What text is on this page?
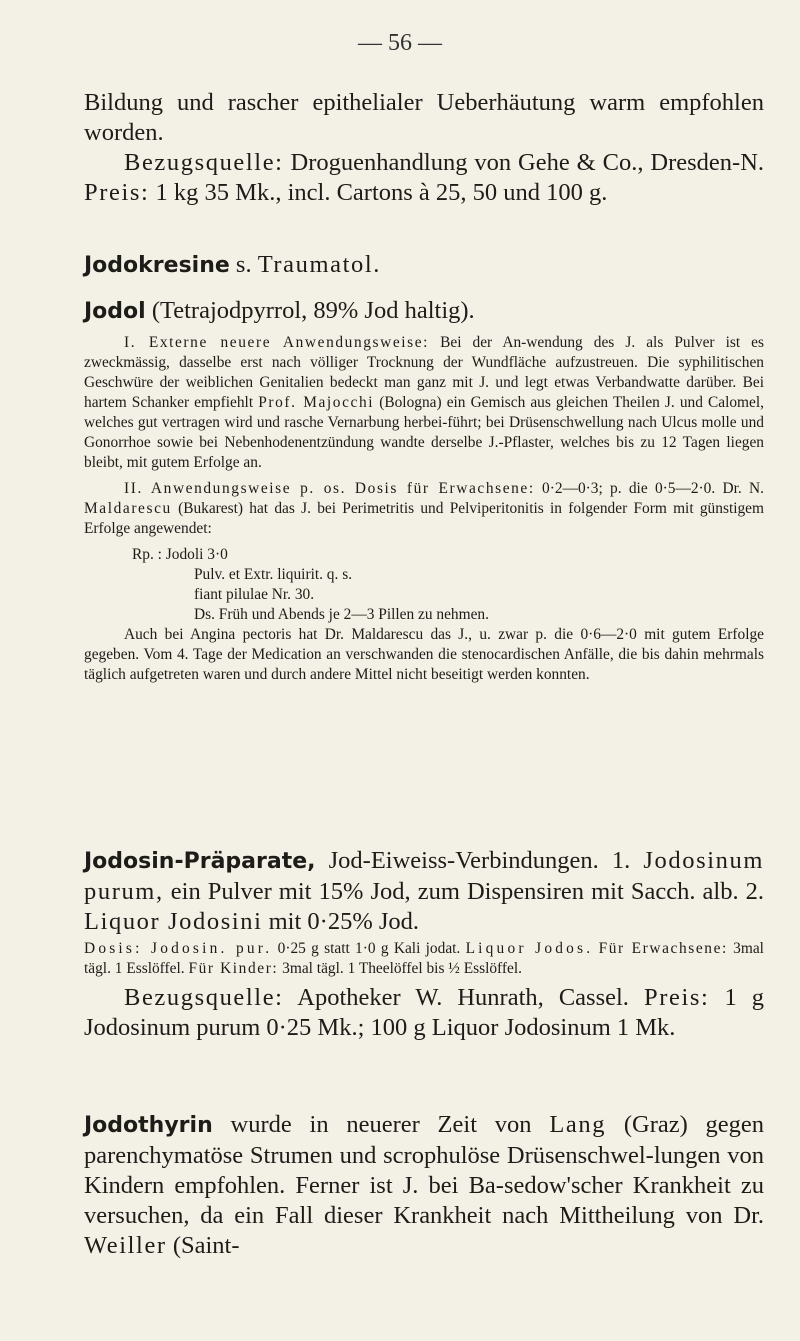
— 56 —

Bildung und rascher epithelialer Ueberhäutung warm empfohlen worden.

Bezugsquelle: Droguenhandlung von Gehe & Co., Dresden-N. Preis: 1 kg 35 Mk., incl. Cartons à 25, 50 und 100 g.

Jodokresine s. Traumatol.

Jodol (Tetrajodpyrrol, 89% Jod haltig).

I. Externe neuere Anwendungsweise: Bei der An-wendung des J. als Pulver ist es zweckmässig, dasselbe erst nach völliger Trocknung der Wundfläche aufzustreuen. Die syphilitischen Geschwüre der weiblichen Genitalien bedeckt man ganz mit J. und legt etwas Verbandwatte darüber. Bei hartem Schanker empfiehlt Prof. Majocchi (Bologna) ein Gemisch aus gleichen Theilen J. und Calomel, welches gut vertragen wird und rasche Vernarbung herbei-führt; bei Drüsenschwellung nach Ulcus molle und Gonorrhoe sowie bei Nebenhodenentzündung wandte derselbe J.-Pflaster, welches bis zu 12 Tagen liegen bleibt, mit gutem Erfolge an.

II. Anwendungsweise p. os. Dosis für Erwachsene: 0·2—0·3; p. die 0·5—2·0. Dr. N. Maldarescu (Bukarest) hat das J. bei Perimetritis und Pelviperitonitis in folgender Form mit günstigem Erfolge angewendet:

Rp. : Jodoli 3·0

Pulv. et Extr. liquirit. q. s.

fiant pilulae Nr. 30.

Ds. Früh und Abends je 2—3 Pillen zu nehmen.

Auch bei Angina pectoris hat Dr. Maldarescu das J., u. zwar p. die 0·6—2·0 mit gutem Erfolge gegeben. Vom 4. Tage der Medication an verschwanden die stenocardischen Anfälle, die bis dahin mehrmals täglich aufgetreten waren und durch andere Mittel nicht beseitigt werden konnten.

Jodosin-Präparate, Jod-Eiweiss-Verbindungen. 1. Jodosinum purum, ein Pulver mit 15% Jod, zum Dispensiren mit Sacch. alb. 2. Liquor Jodosini mit 0·25% Jod.

Dosis: Jodosin. pur. 0·25 g statt 1·0 g Kali jodat. Liquor Jodos. Für Erwachsene: 3mal tägl. 1 Esslöffel. Für Kinder: 3mal tägl. 1 Theelöffel bis ½ Esslöffel.

Bezugsquelle: Apotheker W. Hunrath, Cassel. Preis: 1 g Jodosinum purum 0·25 Mk.; 100 g Liquor Jodosinum 1 Mk.

Jodothyrin wurde in neuerer Zeit von Lang (Graz) gegen parenchymatöse Strumen und scrophulöse Drüsenschwel-lungen von Kindern empfohlen. Ferner ist J. bei Ba-sedow'scher Krankheit zu versuchen, da ein Fall dieser Krankheit nach Mittheilung von Dr. Weiller (Saint-
